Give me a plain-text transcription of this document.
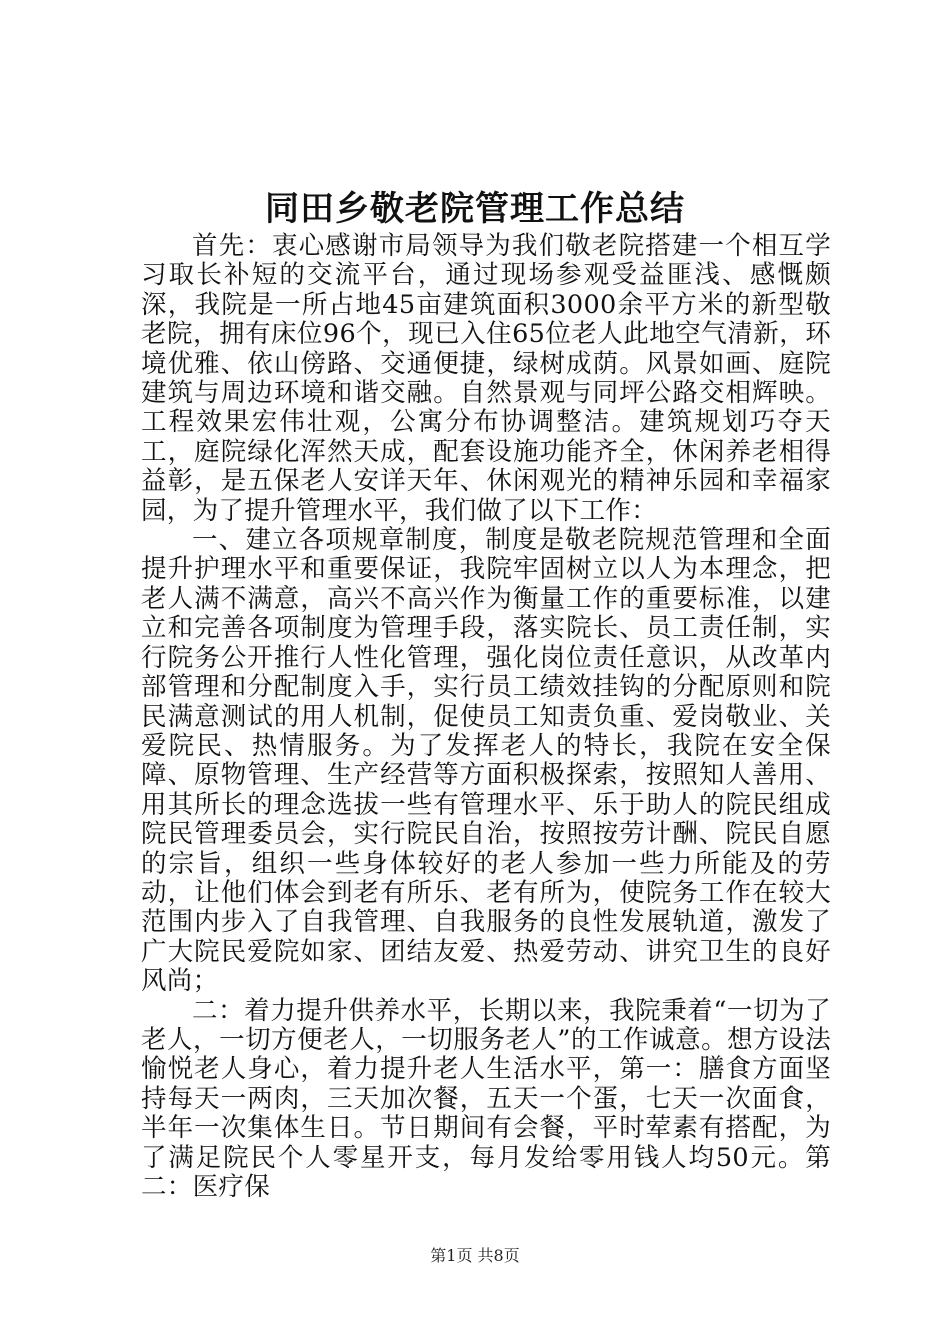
同田乡敬老院管理工作总结

首先：衷心感谢市局领导为我们敬老院搭建一个相互学习取长补短的交流平台，通过现场参观受益匪浅、感慨颇深，我院是一所占地45亩建筑面积3000余平方米的新型敬老院，拥有床位96个，现已入住65位老人此地空气清新，环境优雅、依山傍路、交通便捷，绿树成荫。风景如画、庭院建筑与周边环境和谐交融。自然景观与同坪公路交相辉映。工程效果宏伟壮观，公寓分布协调整洁。建筑规划巧夺天工，庭院绿化浑然天成，配套设施功能齐全，休闲养老相得益彰，是五保老人安详天年、休闲观光的精神乐园和幸福家园，为了提升管理水平，我们做了以下工作：

一、建立各项规章制度，制度是敬老院规范管理和全面提升护理水平和重要保证，我院牢固树立以人为本理念，把老人满不满意，高兴不高兴作为衡量工作的重要标准，以建立和完善各项制度为管理手段，落实院长、员工责任制，实行院务公开推行人性化管理，强化岗位责任意识，从改革内部管理和分配制度入手，实行员工绩效挂钩的分配原则和院民满意测试的用人机制，促使员工知责负重、爱岗敬业、关爱院民、热情服务。为了发挥老人的特长，我院在安全保障、原物管理、生产经营等方面积极探索，按照知人善用、用其所长的理念选拔一些有管理水平、乐于助人的院民组成院民管理委员会，实行院民自治，按照按劳计酬、院民自愿的宗旨，组织一些身体较好的老人参加一些力所能及的劳动，让他们体会到老有所乐、老有所为，使院务工作在较大范围内步入了自我管理、自我服务的良性发展轨道，激发了广大院民爱院如家、团结友爱、热爱劳动、讲究卫生的良好风尚；

二：着力提升供养水平，长期以来，我院秉着“一切为了老人，一切方便老人，一切服务老人”的工作诚意。想方设法愉悦老人身心，着力提升老人生活水平，第一：膳食方面坚持每天一两肉，三天加次餐，五天一个蛋，七天一次面食，半年一次集体生日。节日期间有会餐，平时荤素有搭配，为了满足院民个人零星开支，每月发给零用钱人均50元。第二：医疗保

第1页 共8页
